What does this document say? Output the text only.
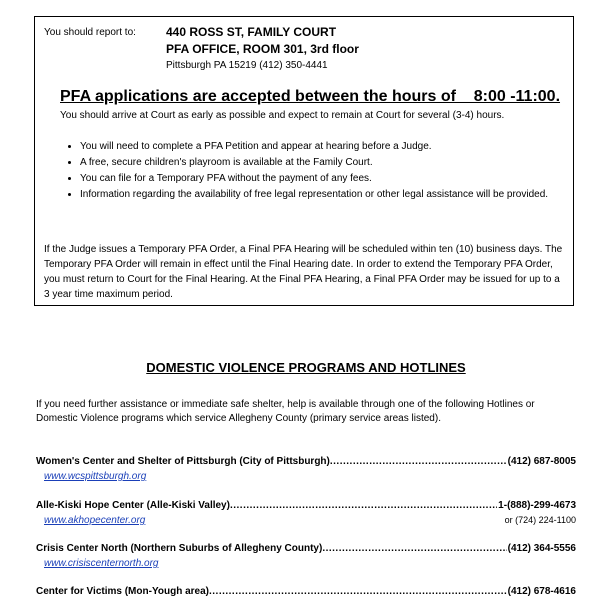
You should report to:	440 ROSS ST, FAMILY COURT
PFA OFFICE, ROOM 301, 3rd floor
Pittsburgh PA 15219 (412) 350-4441
PFA applications are accepted between the hours of    8:00 -11:00.
You should arrive at Court as early as possible and expect to remain at Court for several (3-4) hours.
• You will need to complete a PFA Petition and appear at hearing before a Judge.
• A free, secure children's playroom is available at the Family Court.
• You can file for a Temporary PFA without the payment of any fees.
• Information regarding the availability of free legal representation or other legal assistance will be provided.
If the Judge issues a Temporary PFA Order, a Final PFA Hearing will be scheduled within ten (10) business days. The Temporary PFA Order will remain in effect until the Final Hearing date. In order to extend the Temporary PFA Order, you must return to Court for the Final Hearing. At the Final PFA Hearing, a Final PFA Order may be issued for up to a 3 year time maximum period.
DOMESTIC VIOLENCE PROGRAMS AND HOTLINES
If you need further assistance or immediate safe shelter, help is available through one of the following Hotlines or Domestic Violence programs which service Allegheny County (primary service areas listed).
Women's Center and Shelter of Pittsburgh (City of Pittsburgh) .....	(412) 687-8005
www.wcspittsburgh.org
Alle-Kiski Hope Center (Alle-Kiski Valley) .....	1-(888)-299-4673
www.akhopecenter.org	or (724) 224-1100
Crisis Center North (Northern Suburbs of Allegheny County) .....	(412) 364-5556
www.crisiscenternorth.org
Center for Victims (Mon-Yough area) .....	(412) 678-4616
